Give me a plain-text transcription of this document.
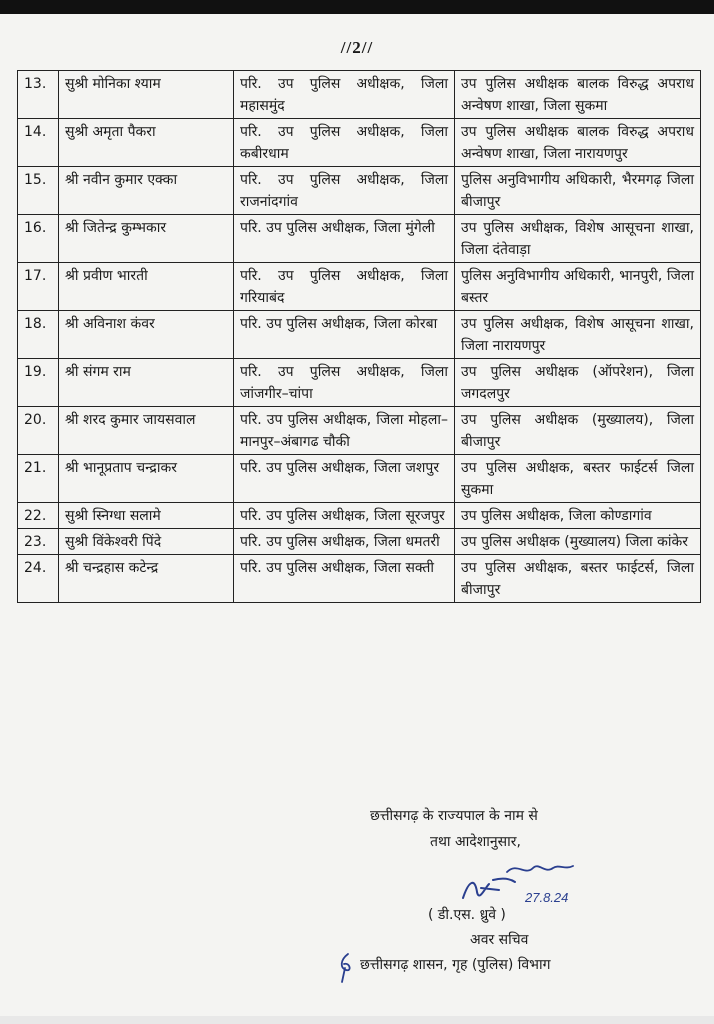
//2//
13.	सुश्री मोनिका श्याम	परि. उप पुलिस अधीक्षक, जिला महासमुंद	उप पुलिस अधीक्षक बालक विरुद्ध अपराध अन्वेषण शाखा, जिला सुकमा
14.	सुश्री अमृता पैकरा	परि. उप पुलिस अधीक्षक, जिला कबीरधाम	उप पुलिस अधीक्षक बालक विरुद्ध अपराध अन्वेषण शाखा, जिला नारायणपुर
15.	श्री नवीन कुमार एक्का	परि. उप पुलिस अधीक्षक, जिला राजनांदगांव	पुलिस अनुविभागीय अधिकारी, भैरमगढ़ जिला बीजापुर
16.	श्री जितेन्द्र कुम्भकार	परि. उप पुलिस अधीक्षक, जिला मुंगेली	उप पुलिस अधीक्षक, विशेष आसूचना शाखा, जिला दंतेवाड़ा
17.	श्री प्रवीण भारती	परि. उप पुलिस अधीक्षक, जिला गरियाबंद	पुलिस अनुविभागीय अधिकारी, भानपुरी, जिला बस्तर
18.	श्री अविनाश कंवर	परि. उप पुलिस अधीक्षक, जिला कोरबा	उप पुलिस अधीक्षक, विशेष आसूचना शाखा, जिला नारायणपुर
19.	श्री संगम राम	परि. उप पुलिस अधीक्षक, जिला जांजगीर–चांपा	उप पुलिस अधीक्षक (ऑपरेशन), जिला जगदलपुर
20.	श्री शरद कुमार जायसवाल	परि. उप पुलिस अधीक्षक, जिला मोहला–मानपुर–अंबागढ चौकी	उप पुलिस अधीक्षक (मुख्यालय), जिला बीजापुर
21.	श्री भानूप्रताप चन्द्राकर	परि. उप पुलिस अधीक्षक, जिला जशपुर	उप पुलिस अधीक्षक, बस्तर फाईटर्स जिला सुकमा
22.	सुश्री स्निग्धा सलामे	परि. उप पुलिस अधीक्षक, जिला सूरजपुर	उप पुलिस अधीक्षक, जिला कोण्डागांव
23.	सुश्री विंकेश्वरी पिंदे	परि. उप पुलिस अधीक्षक, जिला धमतरी	उप पुलिस अधीक्षक (मुख्यालय) जिला कांकेर
24.	श्री चन्द्रहास कटेन्द्र	परि. उप पुलिस अधीक्षक, जिला सक्ती	उप पुलिस अधीक्षक, बस्तर फाईटर्स, जिला बीजापुर
छत्तीसगढ़ के राज्यपाल के नाम से
तथा आदेशानुसार,
27.8.24
( डी.एस. ध्रुवे )
अवर सचिव
छत्तीसगढ़ शासन, गृह (पुलिस) विभाग
